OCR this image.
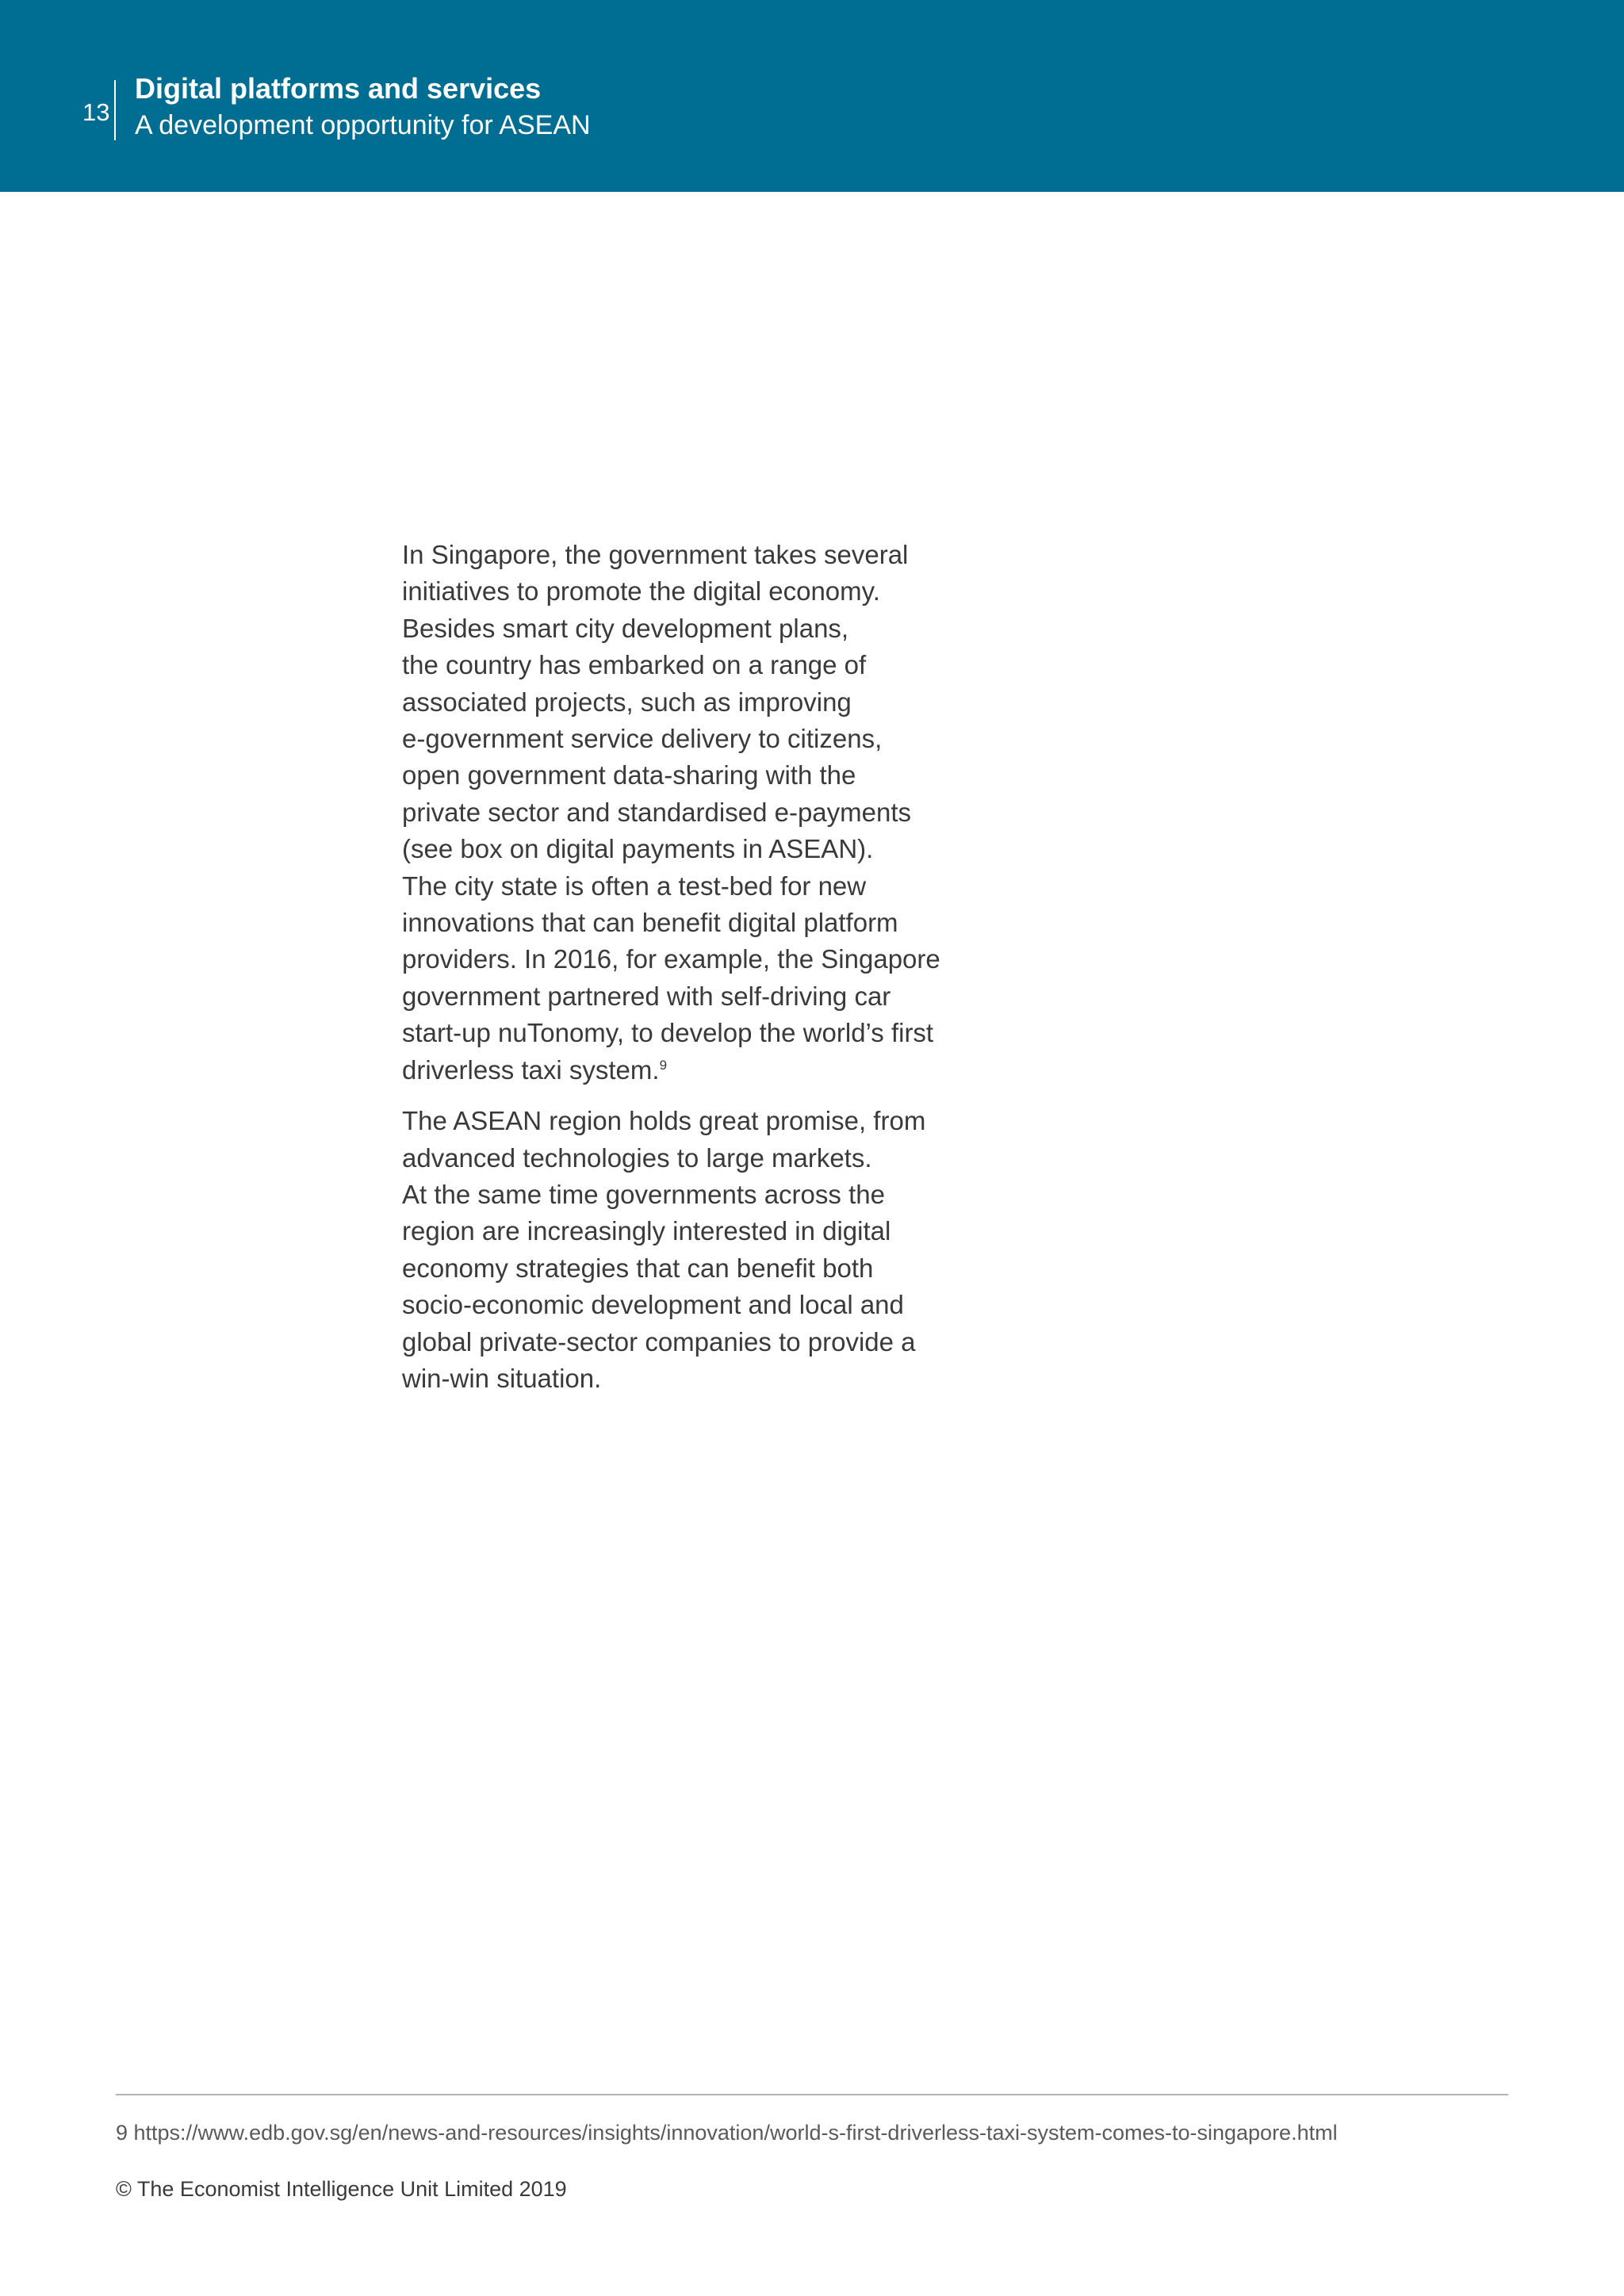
13
Digital platforms and services
A development opportunity for ASEAN

In Singapore, the government takes several
initiatives to promote the digital economy.
Besides smart city development plans,
the country has embarked on a range of
associated projects, such as improving
e-government service delivery to citizens,
open government data-sharing with the
private sector and standardised e-payments
(see box on digital payments in ASEAN).
The city state is often a test-bed for new
innovations that can benefit digital platform
providers. In 2016, for example, the Singapore
government partnered with self-driving car
start-up nuTonomy, to develop the world’s first
driverless taxi system.$^9$

The ASEAN region holds great promise, from
advanced technologies to large markets.
At the same time governments across the
region are increasingly interested in digital
economy strategies that can benefit both
socio-economic development and local and
global private-sector companies to provide a
win-win situation.

9 https://www.edb.gov.sg/en/news-and-resources/insights/innovation/world-s-first-driverless-taxi-system-comes-to-singapore.html
© The Economist Intelligence Unit Limited 2019
